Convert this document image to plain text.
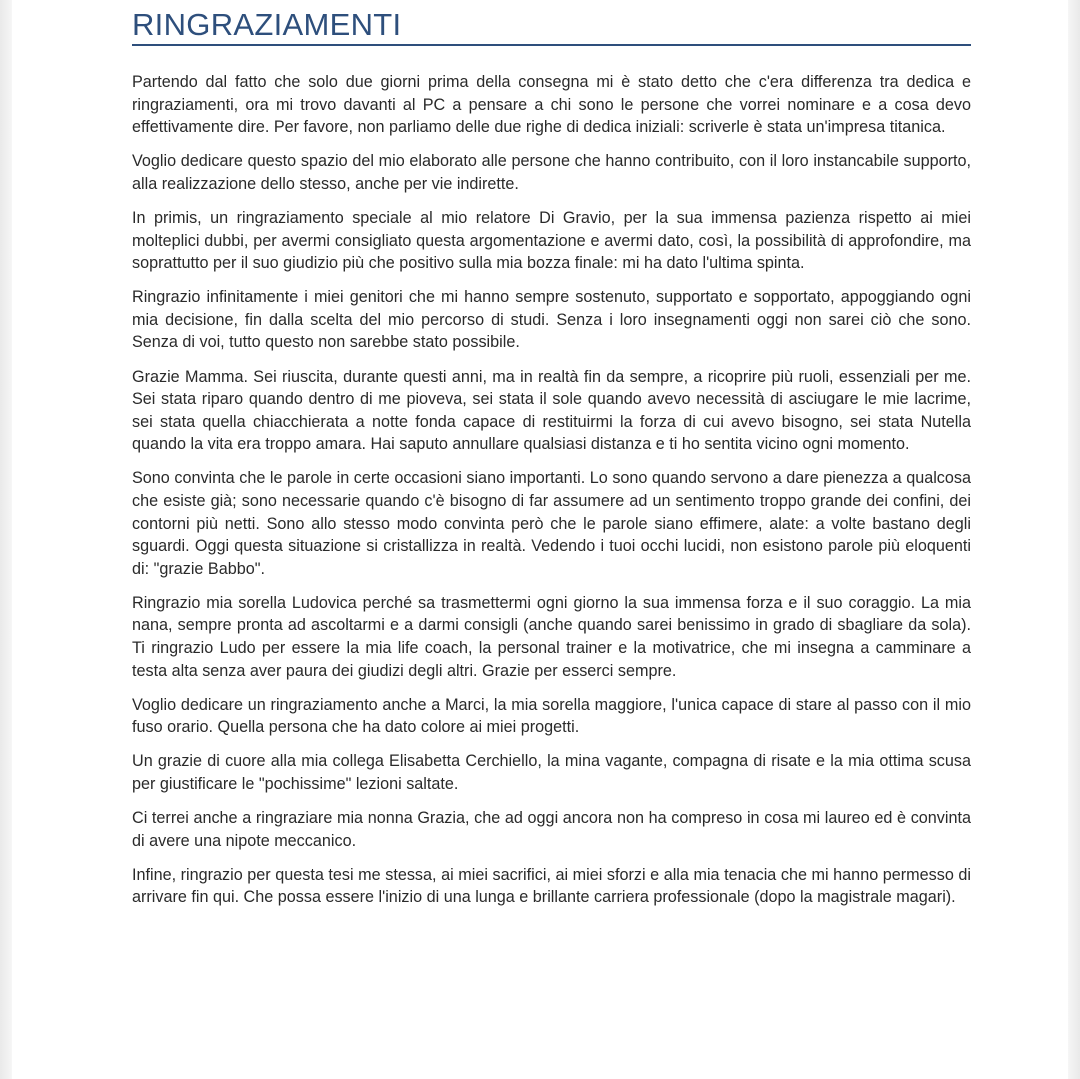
RINGRAZIAMENTI

Partendo dal fatto che solo due giorni prima della consegna mi è stato detto che c'era differenza tra dedica e ringraziamenti, ora mi trovo davanti al PC a pensare a chi sono le persone che vorrei nominare e a cosa devo effettivamente dire. Per favore, non parliamo delle due righe di dedica iniziali: scriverle è stata un'impresa titanica.

Voglio dedicare questo spazio del mio elaborato alle persone che hanno contribuito, con il loro instancabile supporto, alla realizzazione dello stesso, anche per vie indirette.

In primis, un ringraziamento speciale al mio relatore Di Gravio, per la sua immensa pazienza rispetto ai miei molteplici dubbi, per avermi consigliato questa argomentazione e avermi dato, così, la possibilità di approfondire, ma soprattutto per il suo giudizio più che positivo sulla mia bozza finale: mi ha dato l'ultima spinta.

Ringrazio infinitamente i miei genitori che mi hanno sempre sostenuto, supportato e sopportato, appoggiando ogni mia decisione, fin dalla scelta del mio percorso di studi. Senza i loro insegnamenti oggi non sarei ciò che sono. Senza di voi, tutto questo non sarebbe stato possibile.

Grazie Mamma. Sei riuscita, durante questi anni, ma in realtà fin da sempre, a ricoprire più ruoli, essenziali per me. Sei stata riparo quando dentro di me pioveva, sei stata il sole quando avevo necessità di asciugare le mie lacrime, sei stata quella chiacchierata a notte fonda capace di restituirmi la forza di cui avevo bisogno, sei stata Nutella quando la vita era troppo amara. Hai saputo annullare qualsiasi distanza e ti ho sentita vicino ogni momento.

Sono convinta che le parole in certe occasioni siano importanti. Lo sono quando servono a dare pienezza a qualcosa che esiste già; sono necessarie quando c'è bisogno di far assumere ad un sentimento troppo grande dei confini, dei contorni più netti. Sono allo stesso modo convinta però che le parole siano effimere, alate: a volte bastano degli sguardi. Oggi questa situazione si cristallizza in realtà. Vedendo i tuoi occhi lucidi, non esistono parole più eloquenti di: "grazie Babbo".

Ringrazio mia sorella Ludovica perché sa trasmettermi ogni giorno la sua immensa forza e il suo coraggio. La mia nana, sempre pronta ad ascoltarmi e a darmi consigli (anche quando sarei benissimo in grado di sbagliare da sola). Ti ringrazio Ludo per essere la mia life coach, la personal trainer e la motivatrice, che mi insegna a camminare a testa alta senza aver paura dei giudizi degli altri. Grazie per esserci sempre.

Voglio dedicare un ringraziamento anche a Marci, la mia sorella maggiore, l'unica capace di stare al passo con il mio fuso orario. Quella persona che ha dato colore ai miei progetti.

Un grazie di cuore alla mia collega Elisabetta Cerchiello, la mina vagante, compagna di risate e la mia ottima scusa per giustificare le "pochissime" lezioni saltate.

Ci terrei anche a ringraziare mia nonna Grazia, che ad oggi ancora non ha compreso in cosa mi laureo ed è convinta di avere una nipote meccanico.

Infine, ringrazio per questa tesi me stessa, ai miei sacrifici, ai miei sforzi e alla mia tenacia che mi hanno permesso di arrivare fin qui. Che possa essere l'inizio di una lunga e brillante carriera professionale (dopo la magistrale magari).
